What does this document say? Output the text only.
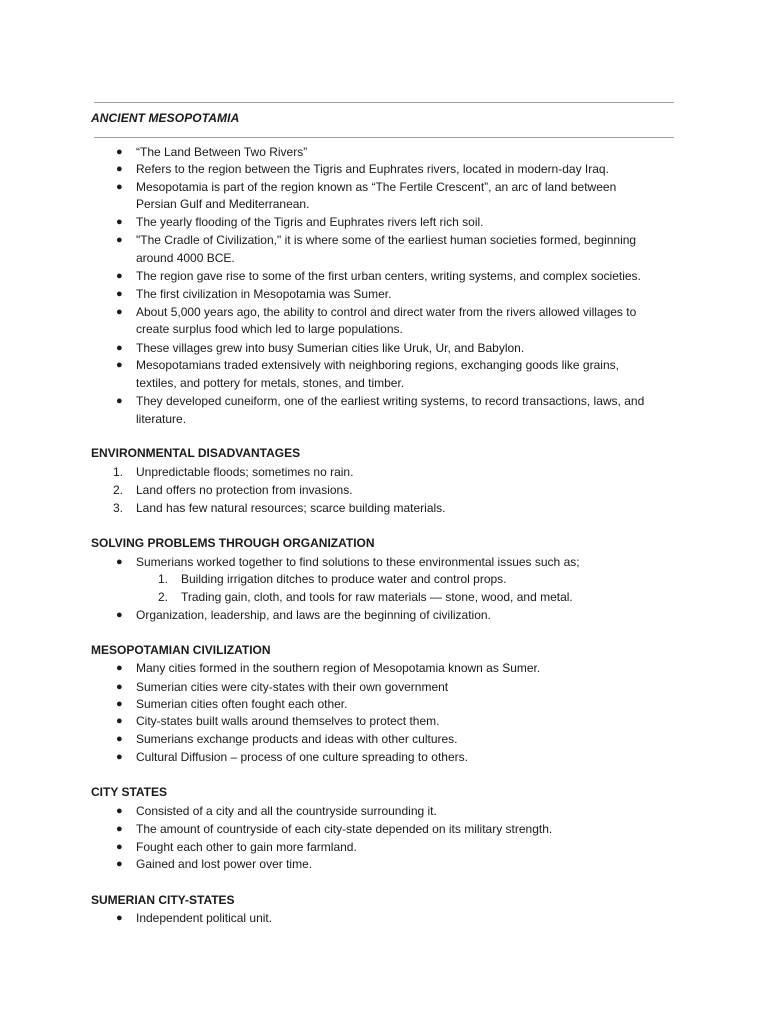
ANCIENT MESOPOTAMIA
● “The Land Between Two Rivers”
● Refers to the region between the Tigris and Euphrates rivers, located in modern-day Iraq.
● Mesopotamia is part of the region known as “The Fertile Crescent”, an arc of land between
Persian Gulf and Mediterranean.
● The yearly flooding of the Tigris and Euphrates rivers left rich soil.
● "The Cradle of Civilization," it is where some of the earliest human societies formed, beginning
around 4000 BCE.
● The region gave rise to some of the first urban centers, writing systems, and complex societies.
● The first civilization in Mesopotamia was Sumer.
● About 5,000 years ago, the ability to control and direct water from the rivers allowed villages to
create surplus food which led to large populations.
● These villages grew into busy Sumerian cities like Uruk, Ur, and Babylon.
● Mesopotamians traded extensively with neighboring regions, exchanging goods like grains,
textiles, and pottery for metals, stones, and timber.
● They developed cuneiform, one of the earliest writing systems, to record transactions, laws, and
literature.
ENVIRONMENTAL DISADVANTAGES
1. Unpredictable floods; sometimes no rain.
2. Land offers no protection from invasions.
3. Land has few natural resources; scarce building materials.
SOLVING PROBLEMS THROUGH ORGANIZATION
● Sumerians worked together to find solutions to these environmental issues such as;
1. Building irrigation ditches to produce water and control props.
2. Trading gain, cloth, and tools for raw materials — stone, wood, and metal.
● Organization, leadership, and laws are the beginning of civilization.
MESOPOTAMIAN CIVILIZATION
● Many cities formed in the southern region of Mesopotamia known as Sumer.
● Sumerian cities were city-states with their own government
● Sumerian cities often fought each other.
● City-states built walls around themselves to protect them.
● Sumerians exchange products and ideas with other cultures.
● Cultural Diffusion – process of one culture spreading to others.
CITY STATES
● Consisted of a city and all the countryside surrounding it.
● The amount of countryside of each city-state depended on its military strength.
● Fought each other to gain more farmland.
● Gained and lost power over time.
SUMERIAN CITY-STATES
● Independent political unit.
